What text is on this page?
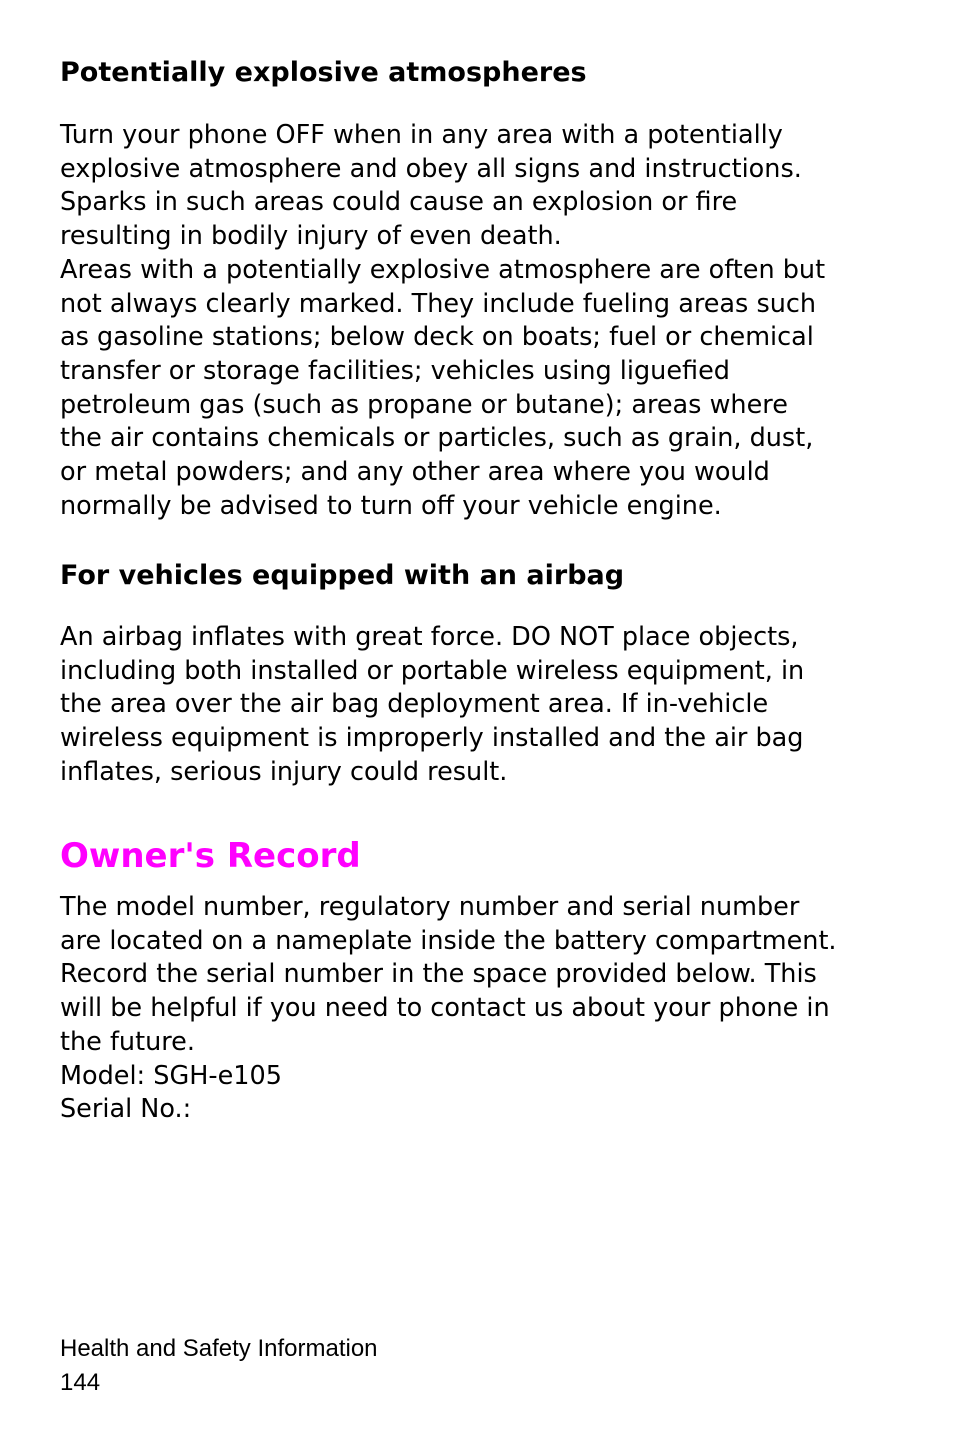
Potentially explosive atmospheres
Turn your phone OFF when in any area with a potentially
explosive atmosphere and obey all signs and instructions.
Sparks in such areas could cause an explosion or fire
resulting in bodily injury of even death.
Areas with a potentially explosive atmosphere are often but
not always clearly marked. They include fueling areas such
as gasoline stations; below deck on boats; fuel or chemical
transfer or storage facilities; vehicles using liguefied
petroleum gas (such as propane or butane); areas where
the air contains chemicals or particles, such as grain, dust,
or metal powders; and any other area where you would
normally be advised to turn off your vehicle engine.
For vehicles equipped with an airbag
An airbag inflates with great force. DO NOT place objects,
including both installed or portable wireless equipment, in
the area over the air bag deployment area. If in-vehicle
wireless equipment is improperly installed and the air bag
inflates, serious injury could result.
Owner's Record
The model number, regulatory number and serial number
are located on a nameplate inside the battery compartment.
Record the serial number in the space provided below. This
will be helpful if you need to contact us about your phone in
the future.
Model: SGH-e105
Serial No.:
Health and Safety Information
144
